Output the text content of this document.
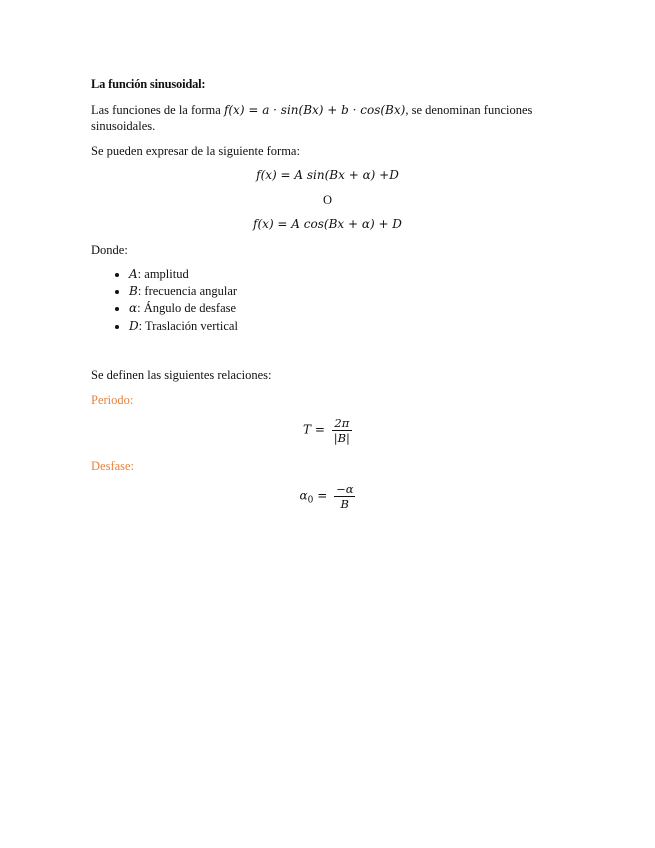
La función sinusoidal:
Las funciones de la forma f(x) = a · sin(Bx) + b · cos(Bx), se denominan funciones
sinusoidales.
Se pueden expresar de la siguiente forma:
f(x) = A sin(Bx + α) +D
O
f(x) = A cos(Bx + α) + D
Donde:
• A: amplitud
• B: frecuencia angular
• α: Ángulo de desfase
• D: Traslación vertical
Se definen las siguientes relaciones:
Periodo:
$T = \frac{2\pi}{|B|}$
Desfase:
$\alpha_0 = \frac{-\alpha}{B}$
